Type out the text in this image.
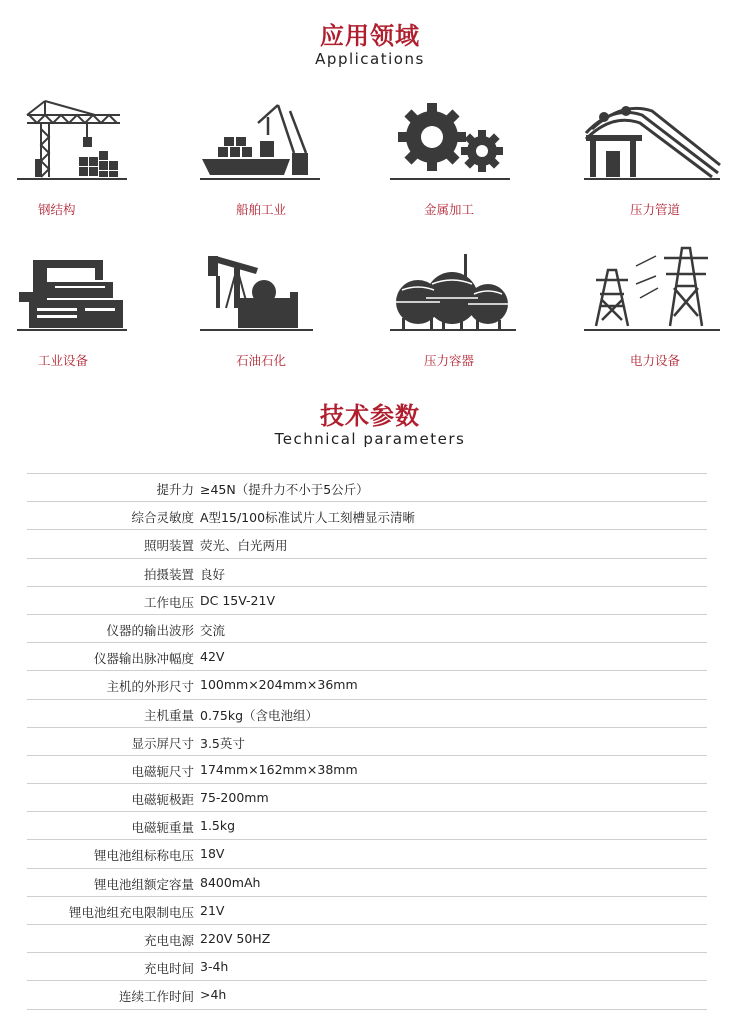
应用领域
Applications
钢结构	船舶工业	金属加工	压力管道
工业设备	石油石化	压力容器	电力设备
技术参数
Technical parameters
提升力 ≥45N（提升力不小于5公斤）
综合灵敏度 A型15/100标准试片人工刻槽显示清晰
照明装置 荧光、白光两用
拍摄装置 良好
工作电压 DC 15V-21V
仪器的输出波形 交流
仪器输出脉冲幅度 42V
主机的外形尺寸 100mm×204mm×36mm
主机重量 0.75kg（含电池组）
显示屏尺寸 3.5英寸
电磁轭尺寸 174mm×162mm×38mm
电磁轭极距 75-200mm
电磁轭重量 1.5kg
锂电池组标称电压 18V
锂电池组额定容量 8400mAh
锂电池组充电限制电压 21V
充电电源 220V 50HZ
充电时间 3-4h
连续工作时间 >4h
